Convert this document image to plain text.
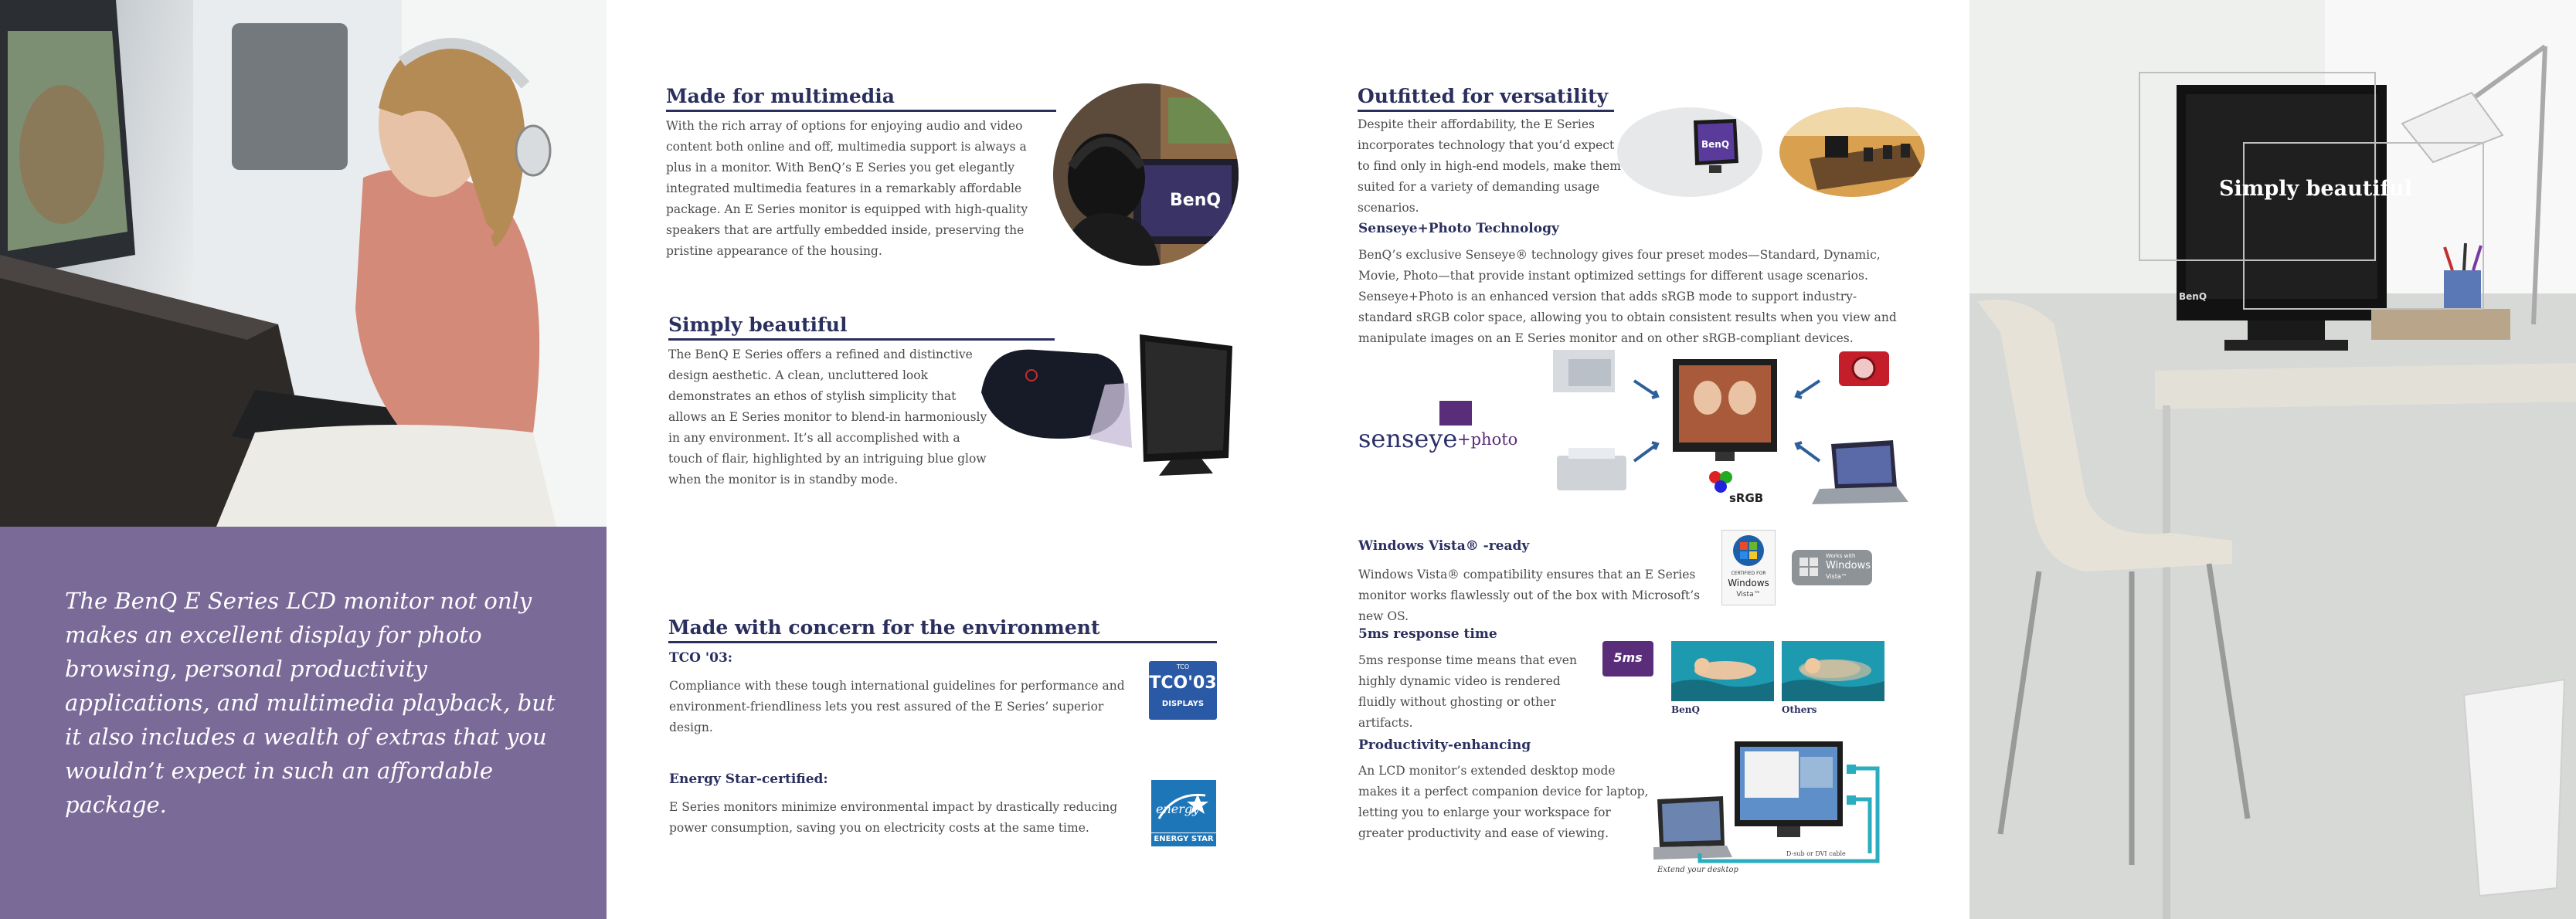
The BenQ E Series LCD monitor not only makes an excellent display for photo browsing, personal productivity applications, and multimedia playback, but it also includes a wealth of extras that you wouldn’t expect in such an affordable package.
Made for multimedia
With the rich array of options for enjoying audio and video content both online and off, multimedia support is always a plus in a monitor. With BenQ’s E Series you get elegantly integrated multimedia features in a remarkably affordable package. An E Series monitor is equipped with high-quality speakers that are artfully embedded inside, preserving the pristine appearance of the housing.
BenQ
Simply beautiful
The BenQ E Series offers a refined and distinctive design aesthetic. A clean, uncluttered look demonstrates an ethos of stylish simplicity that allows an E Series monitor to blend-in harmoniously in any environment. It’s all accomplished with a touch of flair, highlighted by an intriguing blue glow when the monitor is in standby mode.
Made with concern for the environment
TCO '03:
Compliance with these tough international guidelines for performance and environment-friendliness lets you rest assured of the E Series’ superior design.
TCO
TCO'03
DISPLAYS
Energy Star-certified:
E Series monitors minimize environmental impact by drastically reducing power consumption, saving you on electricity costs at the same time.
energy
ENERGY STAR
Outfitted for versatility
Despite their affordability, the E Series incorporates technology that you’d expect to find only in high-end models, make them suited for a variety of demanding usage scenarios.
BenQ
Senseye+Photo Technology
BenQ’s exclusive Senseye® technology gives four preset modes—Standard, Dynamic, Movie, Photo—that provide instant optimized settings for different usage scenarios. Senseye+Photo is an enhanced version that adds sRGB mode to support industry-standard sRGB color space, allowing you to obtain consistent results when you view and manipulate images on an E Series monitor and on other sRGB-compliant devices.
senseye +photo
sRGB
Windows Vista® -ready
Windows Vista® compatibility ensures that an E Series monitor works flawlessly out of the box with Microsoft’s new OS.
CERTIFIED FOR
Windows
Vista™
Works with
Windows
Vista™
5ms response time
5ms response time means that even highly dynamic video is rendered fluidly without ghosting or other artifacts.
5ms
BenQ	Others
Productivity-enhancing
An LCD monitor’s extended desktop mode makes it a perfect companion device for laptop, letting you to enlarge your workspace for greater productivity and ease of viewing.
Extend your desktop
D-sub or DVI cable
BenQ
Simply beautiful
